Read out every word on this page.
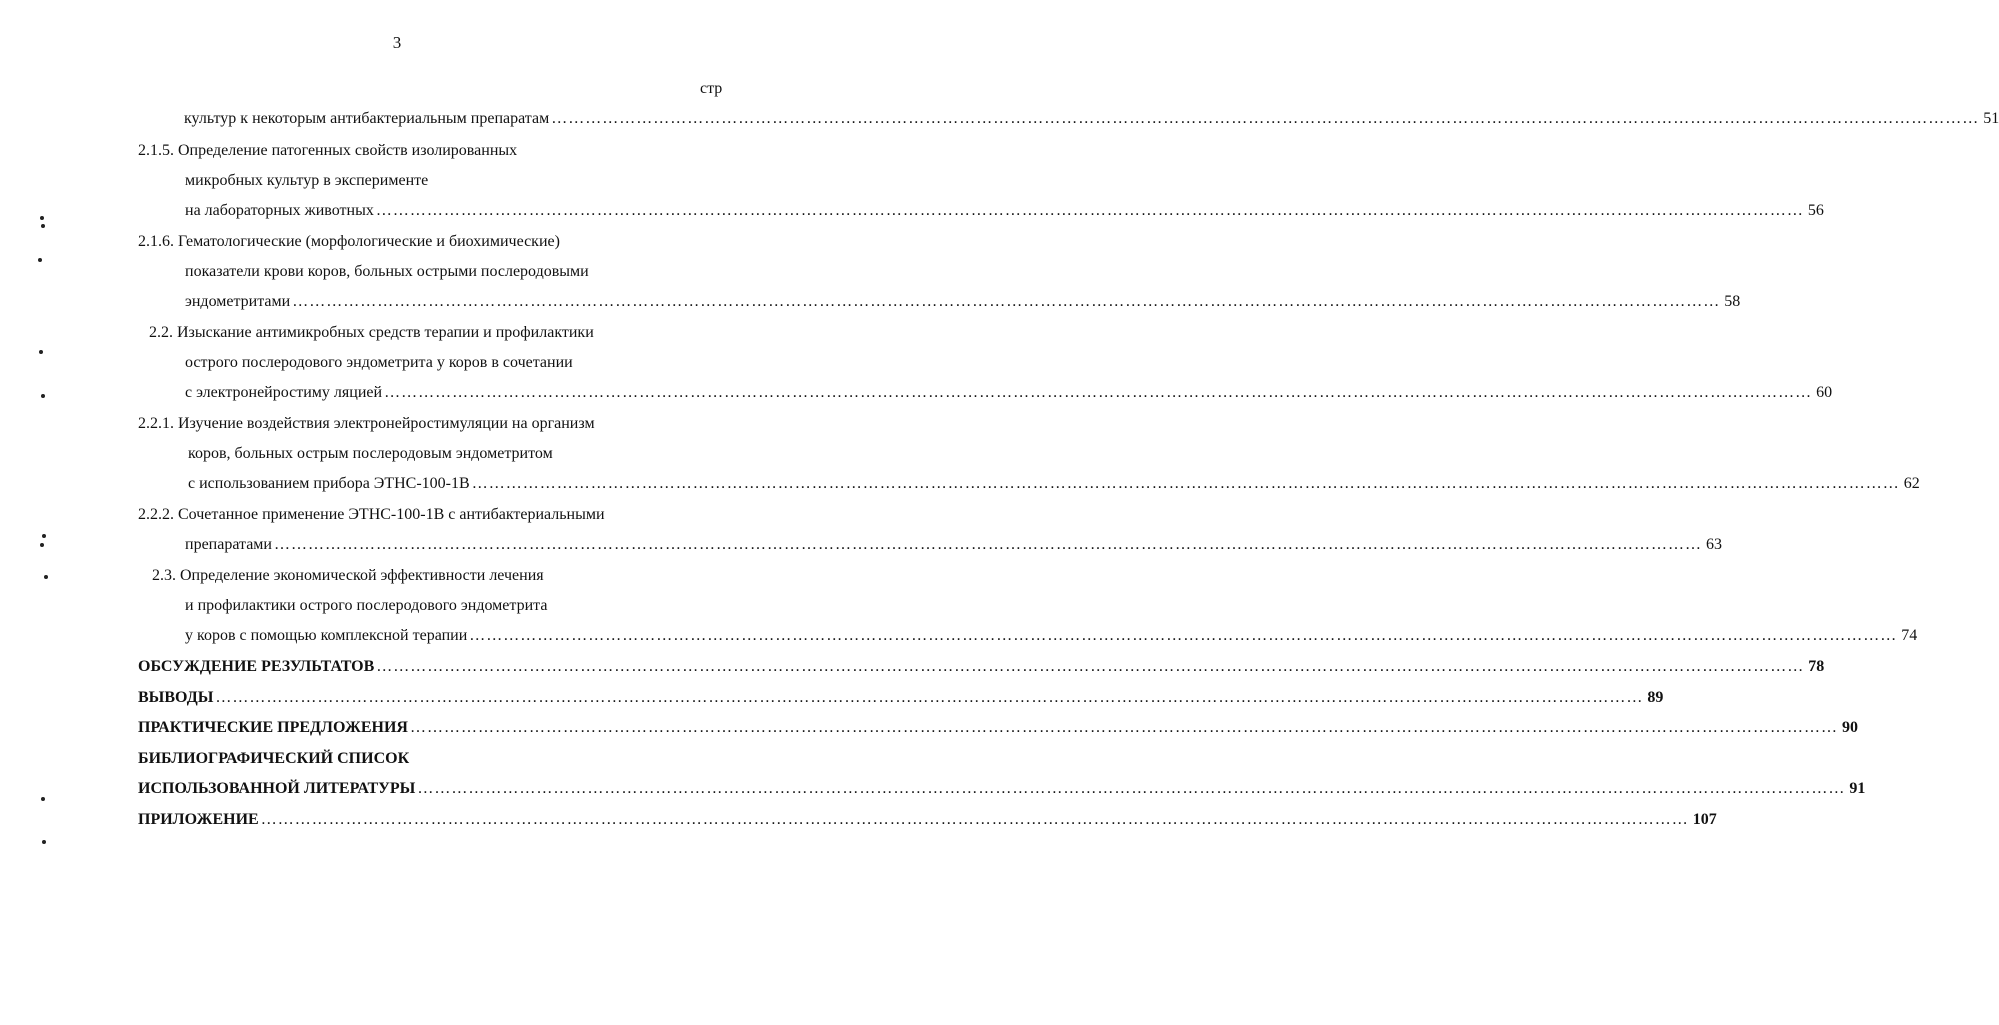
3
стр
культур к некоторым антибактериальным препаратам ……………………………………………………………………………………………………………………………………………………………………………………………………………………………… 51
2.1.5. Определение патогенных свойств изолированных
микробных культур в эксперименте
на лабораторных животных ……………………………………………………………………………………………………………………………………………………………………………………………………………………………… 56
2.1.6. Гематологические (морфологические и биохимические)
показатели крови коров, больных острыми послеродовыми
эндометритами ……………………………………………………………………………………………………………………………………………………………………………………………………………………………… 58
2.2. Изыскание антимикробных средств терапии и профилактики
острого послеродового эндометрита у коров в сочетании
с электронейростиму ляцией ……………………………………………………………………………………………………………………………………………………………………………………………………………………………… 60
2.2.1. Изучение воздействия электронейростимуляции на организм
коров, больных острым послеродовым эндометритом
с использованием прибора ЭТНС-100-1В ……………………………………………………………………………………………………………………………………………………………………………………………………………………………… 62
2.2.2. Сочетанное применение ЭТНС-100-1В с антибактериальными
препаратами ……………………………………………………………………………………………………………………………………………………………………………………………………………………………… 63
2.3. Определение экономической эффективности лечения
и профилактики острого послеродового эндометрита
у коров с помощью комплексной терапии ……………………………………………………………………………………………………………………………………………………………………………………………………………………………… 74
ОБСУЖДЕНИЕ РЕЗУЛЬТАТОВ ……………………………………………………………………………………………………………………………………………………………………………………………………………………………… 78
ВЫВОДЫ ……………………………………………………………………………………………………………………………………………………………………………………………………………………………… 89
ПРАКТИЧЕСКИЕ ПРЕДЛОЖЕНИЯ ……………………………………………………………………………………………………………………………………………………………………………………………………………………………… 90
БИБЛИОГРАФИЧЕСКИЙ СПИСОК
ИСПОЛЬЗОВАННОЙ ЛИТЕРАТУРЫ ……………………………………………………………………………………………………………………………………………………………………………………………………………………………… 91
ПРИЛОЖЕНИЕ ……………………………………………………………………………………………………………………………………………………………………………………………………………………………… 107
